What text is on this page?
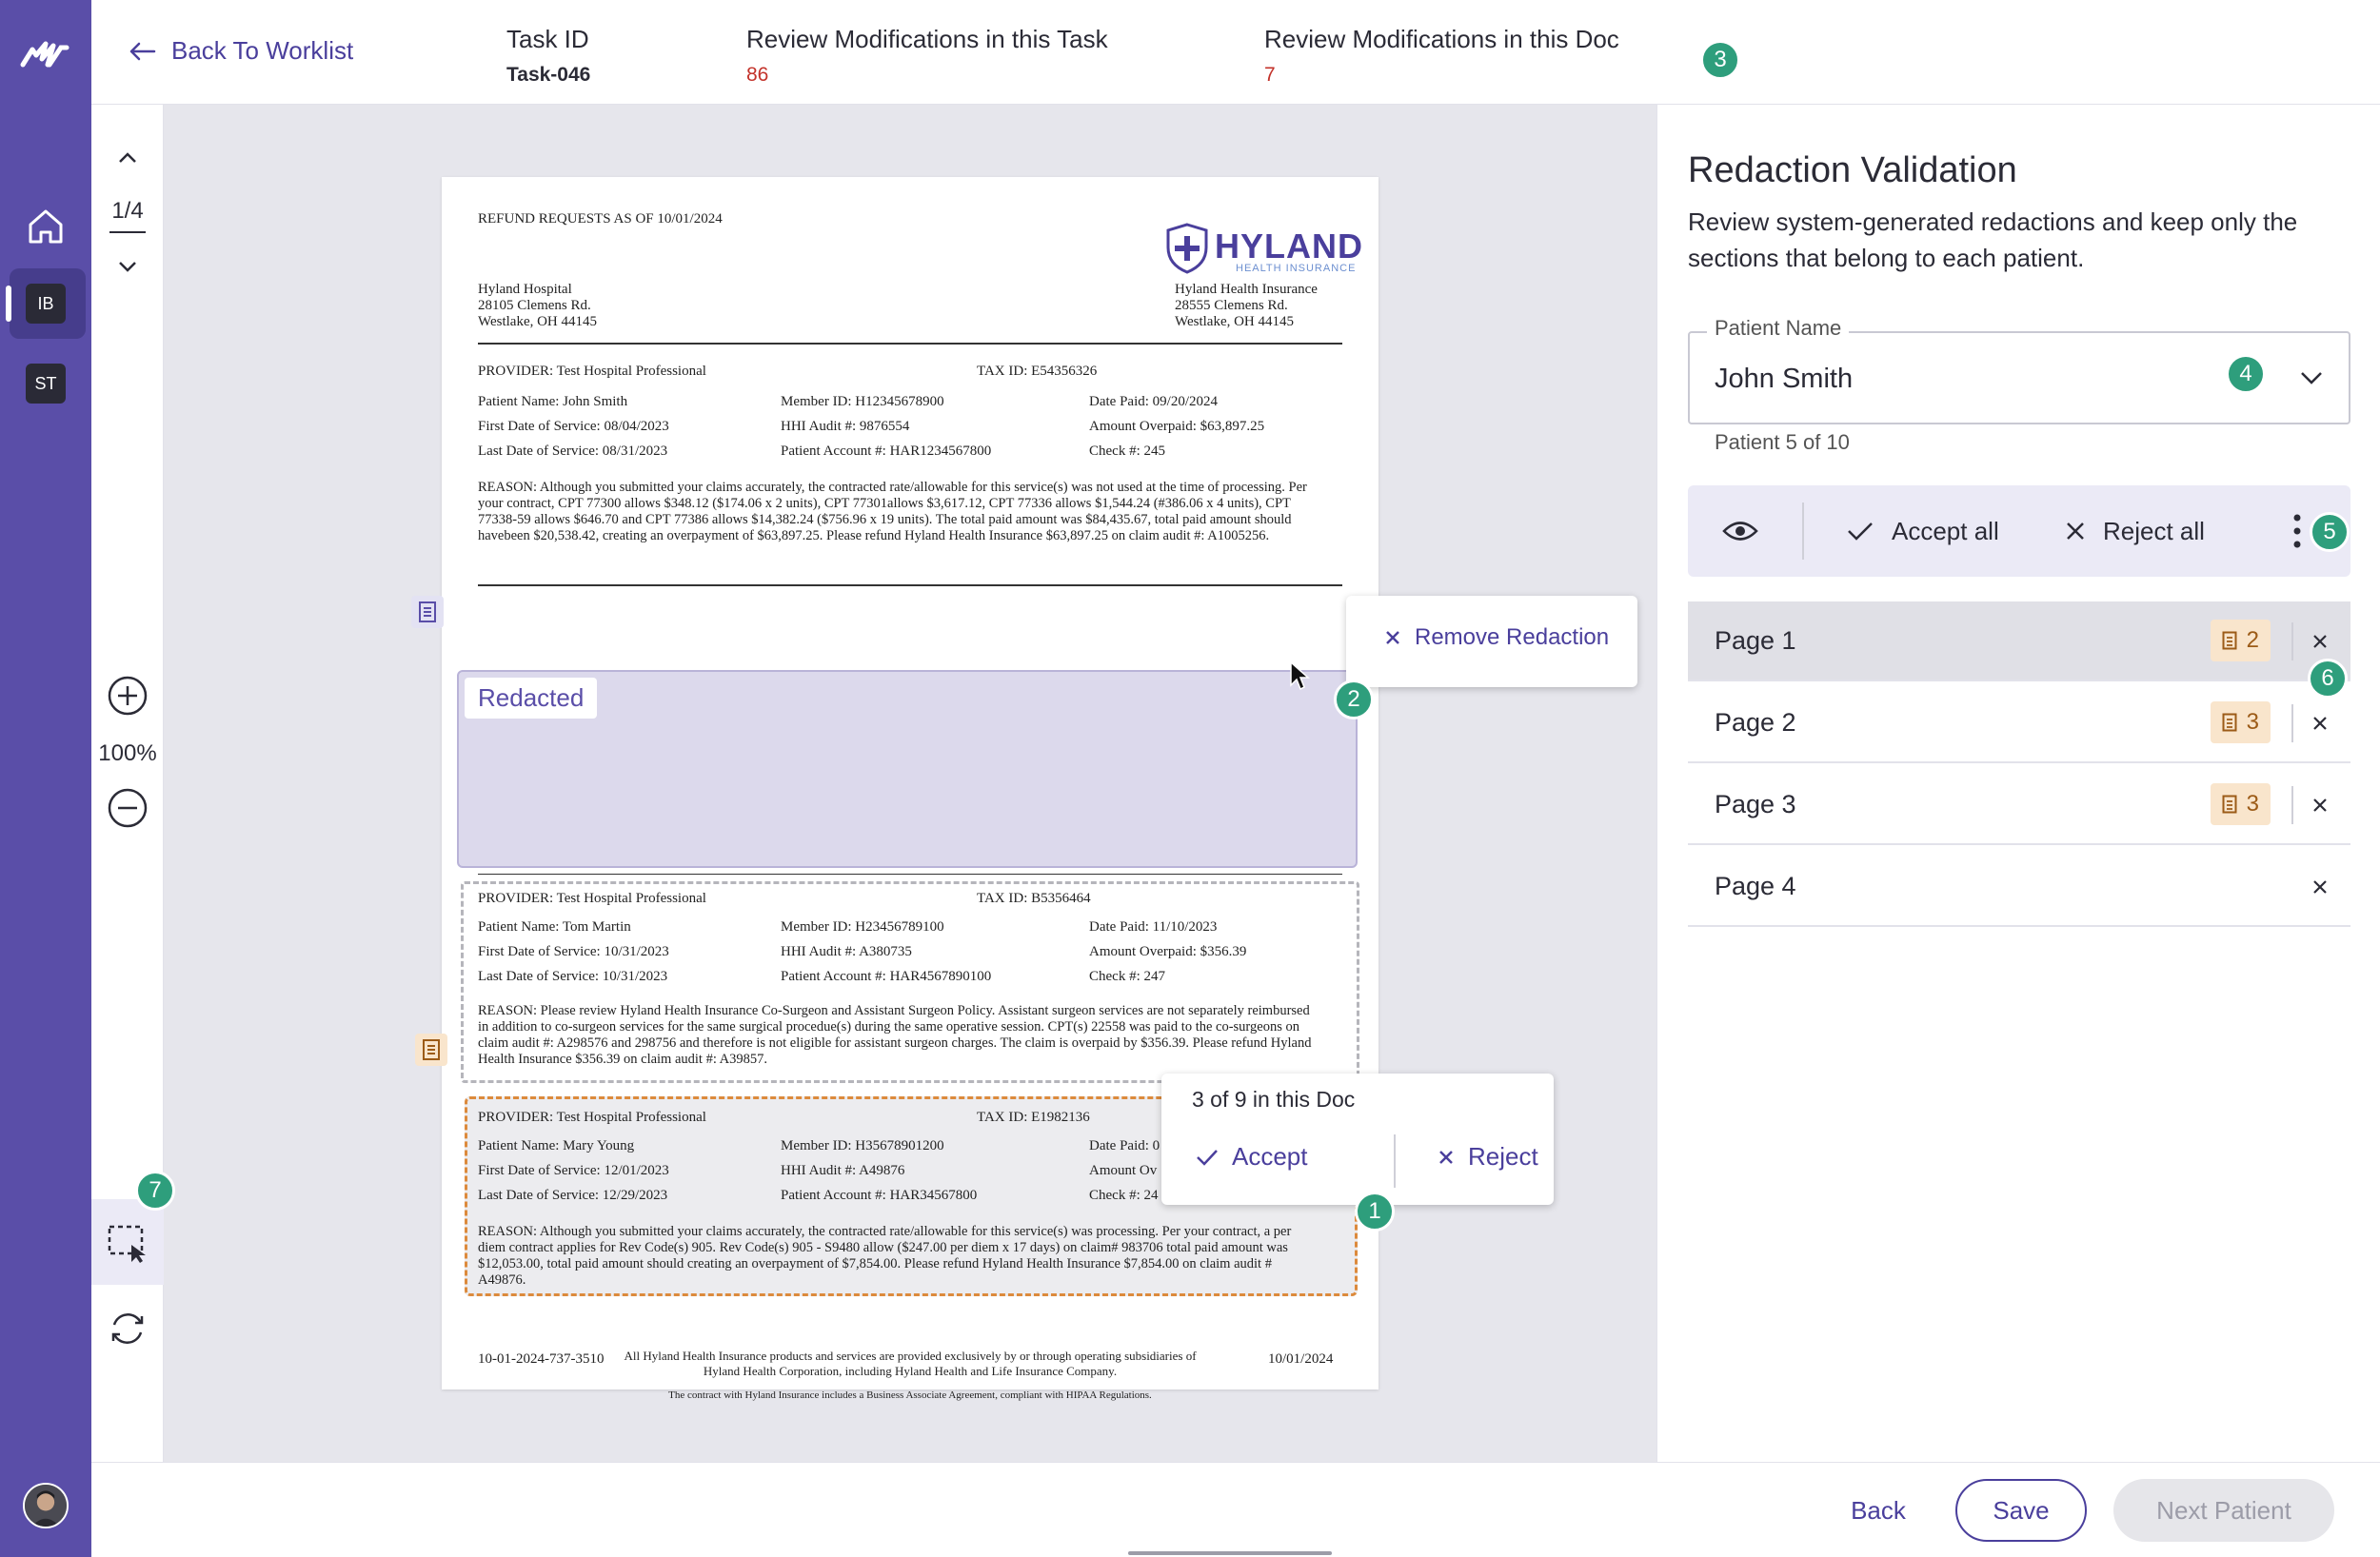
IB
ST
Back To Worklist	Task ID
Task-046
Review Modifications in this Task
86
Review Modifications in this Doc
7
1/4
100%
REFUND REQUESTS AS OF 10/01/2024
HYLAND
HEALTH INSURANCE
Hyland Hospital
28105 Clemens Rd.
Westlake, OH 44145
Hyland Health Insurance
28555 Clemens Rd.
Westlake, OH 44145
PROVIDER: Test Hospital Professional	TAX ID: E54356326
Patient Name: John Smith	Member ID: H12345678900	Date Paid: 09/20/2024
First Date of Service: 08/04/2023	HHI Audit #: 9876554	Amount Overpaid: $63,897.25
Last Date of Service: 08/31/2023	Patient Account #: HAR1234567800	Check #: 245
REASON: Although you submitted your claims accurately, the contracted rate/allowable for this service(s) was not used at the time of processing. Per your contract, CPT 77300 allows $348.12 ($174.06 x 2 units), CPT 77301allows $3,617.12, CPT 77336 allows $1,544.24 (#386.06 x 4 units), CPT 77338-59 allows $646.70 and CPT 77386 allows $14,382.24 ($756.96 x 19 units). The total paid amount was $84,435.67, total paid amount should havebeen $20,538.42, creating an overpayment of $63,897.25. Please refund Hyland Health Insurance $63,897.25 on claim audit #: A1005256.
Redacted
PROVIDER: Test Hospital Professional	TAX ID: B5356464
Patient Name: Tom Martin	Member ID: H23456789100	Date Paid: 11/10/2023
First Date of Service: 10/31/2023	HHI Audit #: A380735	Amount Overpaid: $356.39
Last Date of Service: 10/31/2023	Patient Account #: HAR4567890100	Check #: 247
REASON: Please review Hyland Health Insurance Co-Surgeon and Assistant Surgeon Policy. Assistant surgeon services are not separately reimbursed in addition to co-surgeon services for the same surgical procedue(s) during the same operative session. CPT(s) 22558 was paid to the co-surgeons on claim audit #: A298576 and 298756 and therefore is not eligible for assistant surgeon charges. The claim is overpaid by $356.39. Please refund Hyland Health Insurance $356.39 on claim audit #: A39857.
PROVIDER: Test Hospital Professional	TAX ID: E1982136
Patient Name: Mary Young	Member ID: H35678901200	Date Paid: 0
First Date of Service: 12/01/2023	HHI Audit #: A49876	Amount Ov
Last Date of Service: 12/29/2023	Patient Account #: HAR34567800	Check #: 24
REASON: Although you submitted your claims accurately, the contracted rate/allowable for this service(s) was processing. Per your contract, a per diem contract applies for Rev Code(s) 905. Rev Code(s) 905 - S9480 allow ($247.00 per diem x 17 days) on claim# 983706 total paid amount was $12,053.00, total paid amount should creating an overpayment of $7,854.00. Please refund Hyland Health Insurance $7,854.00 on claim audit # A49876.
All Hyland Health Insurance products and services are provided exclusively by or through operating subsidiaries of
Hyland Health Corporation, including Hyland Health and Life Insurance Company.
The contract with Hyland Insurance includes a Business Associate Agreement, compliant with HIPAA Regulations.
10-01-2024-737-3510	10/01/2024
Remove Redaction
3 of 9 in this Doc
Accept	Reject
Redaction Validation
Review system-generated redactions and keep only the sections that belong to each patient.
Patient Name
John Smith
Patient 5 of 10
Accept all	Reject all
Page 1	2
Page 2	3
Page 3	3
Page 4
1
2
3
4
5
6
7
Back	Save	Next Patient
